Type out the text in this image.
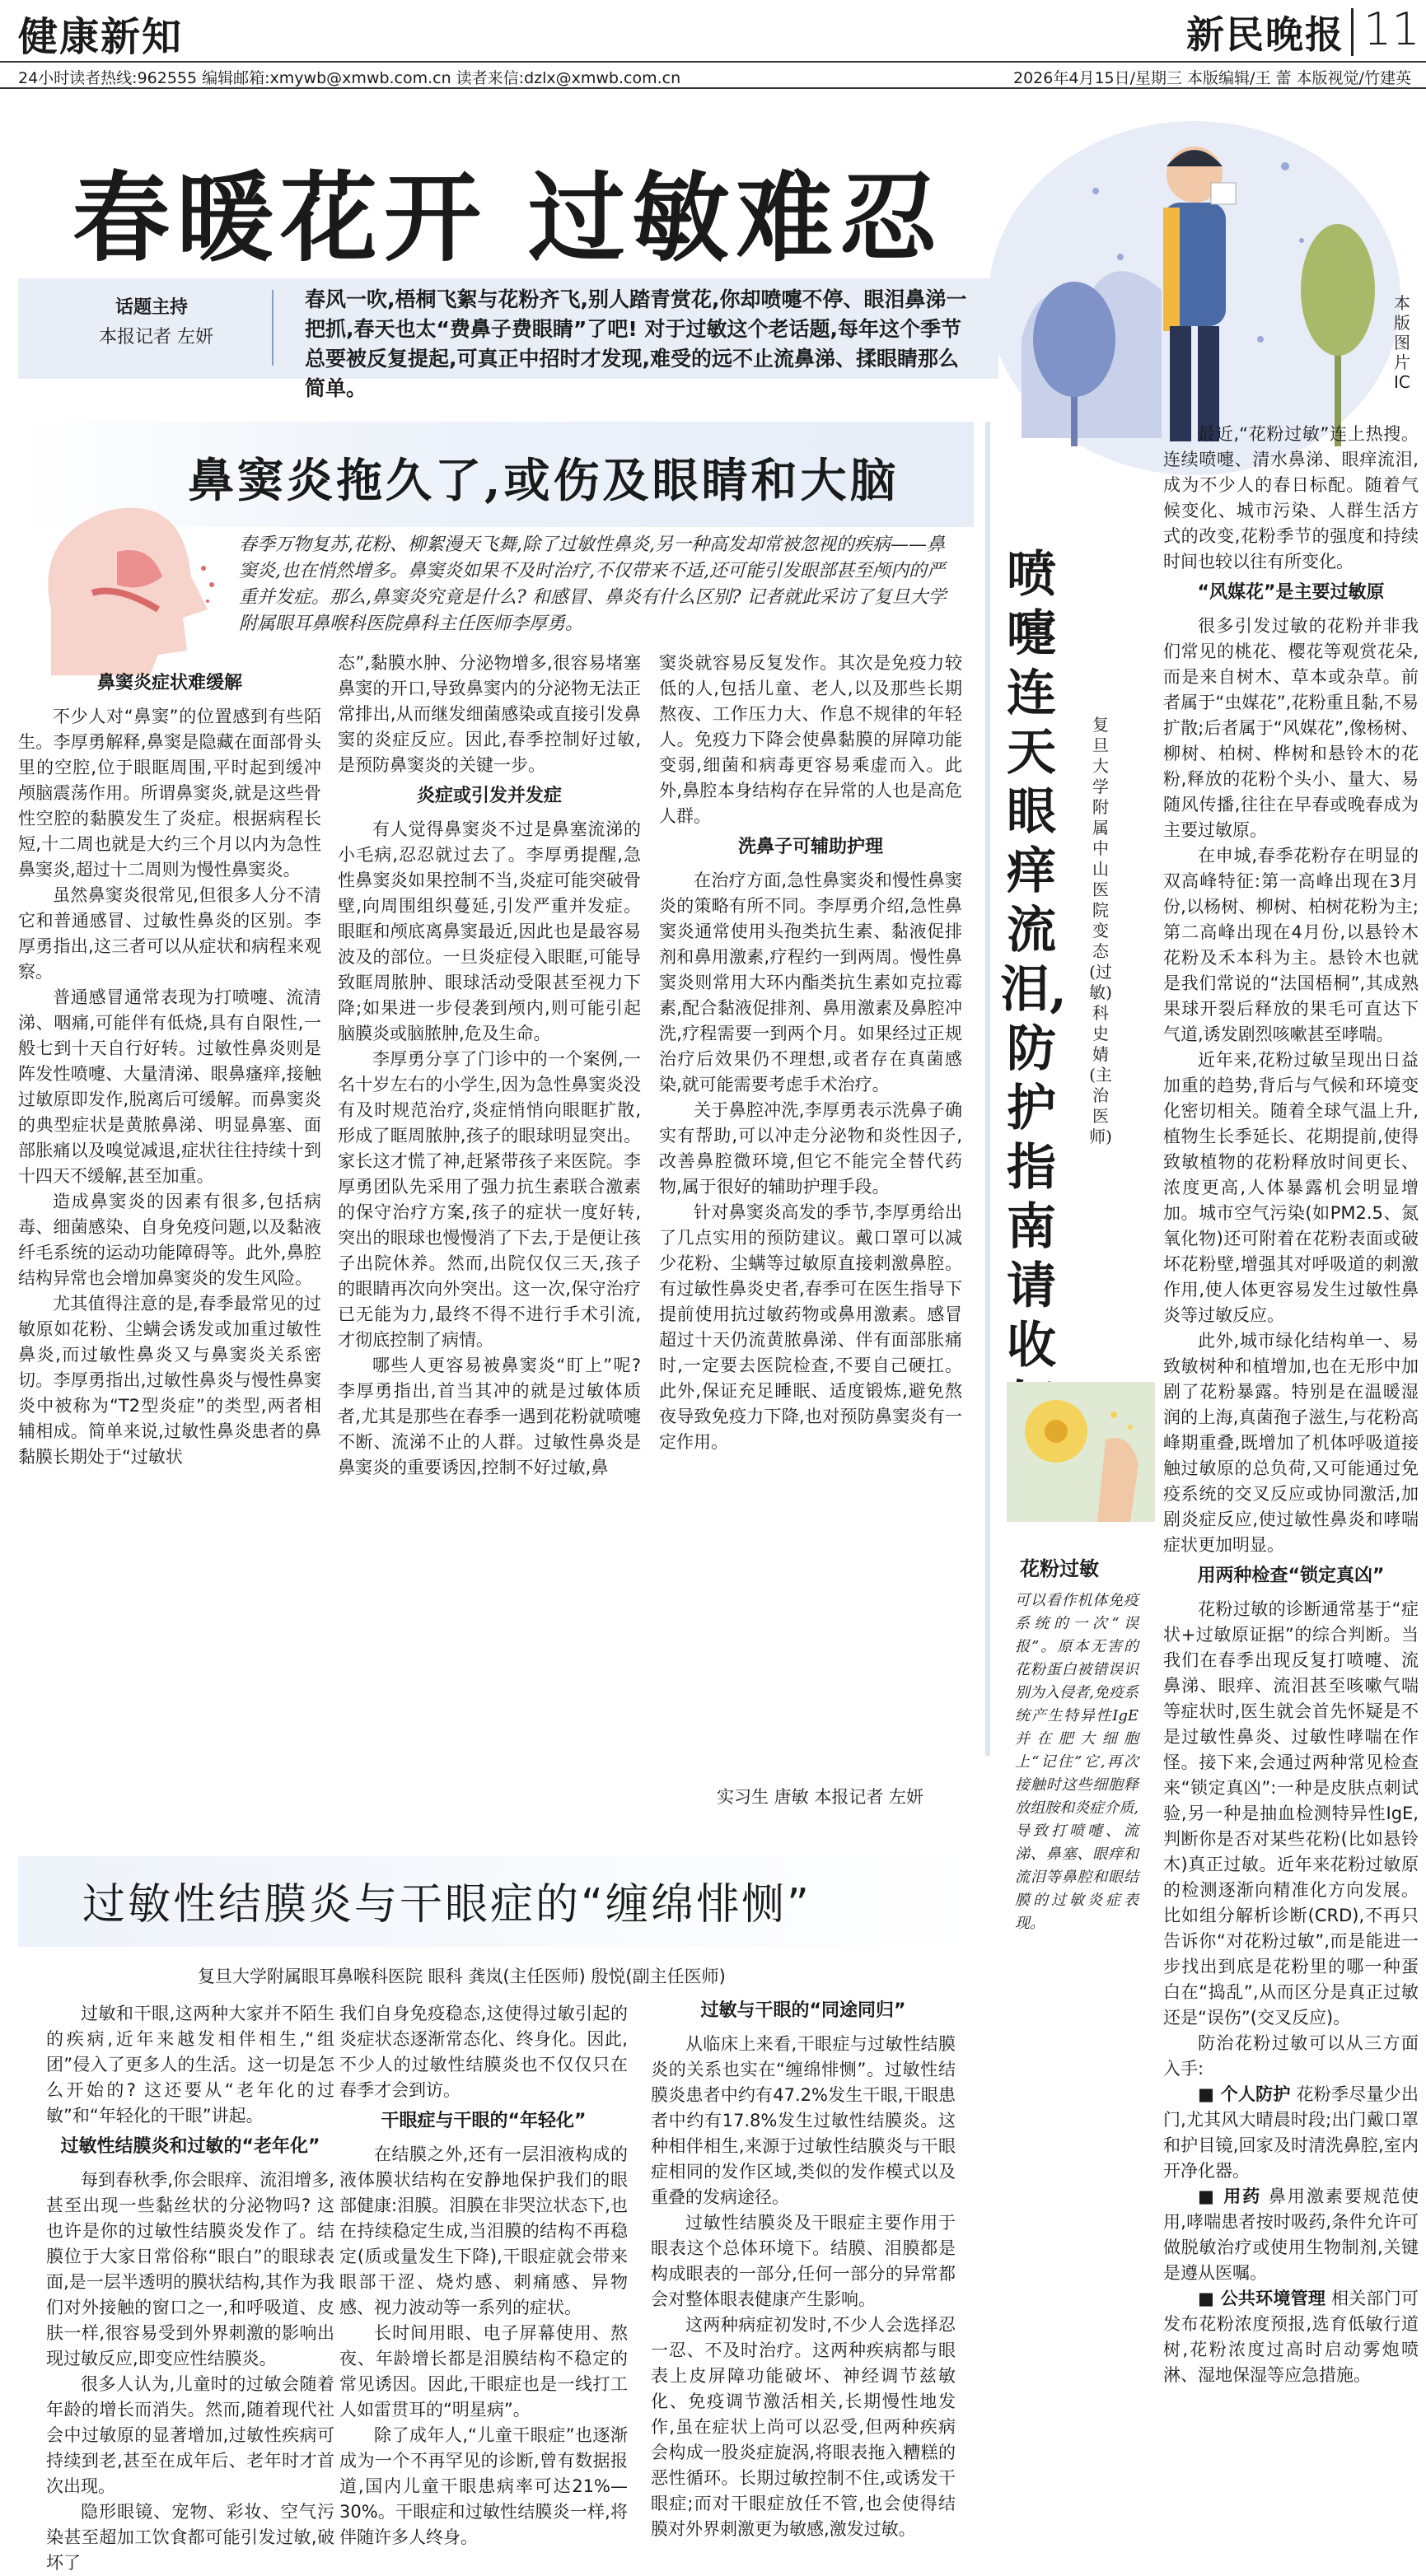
健康新知	新民晚报 11
24小时读者热线:962555 编辑邮箱:xmywb@xmwb.com.cn 读者来信:dzlx@xmwb.com.cn	2026年4月15日/星期三 本版编辑/王 蕾 本版视觉/竹建英
春暖花开 过敏难忍
话题主持
本报记者 左妍
春风一吹,梧桐飞絮与花粉齐飞,别人踏青赏花,你却喷嚏不停、眼泪鼻涕一把抓,春天也太“费鼻子费眼睛”了吧! 对于过敏这个老话题,每年这个季节总要被反复提起,可真正中招时才发现,难受的远不止流鼻涕、揉眼睛那么简单。
本版图片 IC
鼻窦炎拖久了,或伤及眼睛和大脑
春季万物复苏,花粉、柳絮漫天飞舞,除了过敏性鼻炎,另一种高发却常被忽视的疾病——鼻窦炎,也在悄然增多。鼻窦炎如果不及时治疗,不仅带来不适,还可能引发眼部甚至颅内的严重并发症。那么,鼻窦炎究竟是什么? 和感冒、鼻炎有什么区别? 记者就此采访了复旦大学附属眼耳鼻喉科医院鼻科主任医师李厚勇。
鼻窦炎症状难缓解

不少人对“鼻窦”的位置感到有些陌生。李厚勇解释,鼻窦是隐藏在面部骨头里的空腔,位于眼眶周围,平时起到缓冲颅脑震荡作用。所谓鼻窦炎,就是这些骨性空腔的黏膜发生了炎症。根据病程长短,十二周也就是大约三个月以内为急性鼻窦炎,超过十二周则为慢性鼻窦炎。

虽然鼻窦炎很常见,但很多人分不清它和普通感冒、过敏性鼻炎的区别。李厚勇指出,这三者可以从症状和病程来观察。

普通感冒通常表现为打喷嚏、流清涕、咽痛,可能伴有低烧,具有自限性,一般七到十天自行好转。过敏性鼻炎则是阵发性喷嚏、大量清涕、眼鼻瘙痒,接触过敏原即发作,脱离后可缓解。而鼻窦炎的典型症状是黄脓鼻涕、明显鼻塞、面部胀痛以及嗅觉减退,症状往往持续十到十四天不缓解,甚至加重。

造成鼻窦炎的因素有很多,包括病毒、细菌感染、自身免疫问题,以及黏液纤毛系统的运动功能障碍等。此外,鼻腔结构异常也会增加鼻窦炎的发生风险。

尤其值得注意的是,春季最常见的过敏原如花粉、尘螨会诱发或加重过敏性鼻炎,而过敏性鼻炎又与鼻窦炎关系密切。李厚勇指出,过敏性鼻炎与慢性鼻窦炎中被称为“T2型炎症”的类型,两者相辅相成。简单来说,过敏性鼻炎患者的鼻黏膜长期处于“过敏状

态”,黏膜水肿、分泌物增多,很容易堵塞鼻窦的开口,导致鼻窦内的分泌物无法正常排出,从而继发细菌感染或直接引发鼻窦的炎症反应。因此,春季控制好过敏,是预防鼻窦炎的关键一步。

炎症或引发并发症

有人觉得鼻窦炎不过是鼻塞流涕的小毛病,忍忍就过去了。李厚勇提醒,急性鼻窦炎如果控制不当,炎症可能突破骨壁,向周围组织蔓延,引发严重并发症。眼眶和颅底离鼻窦最近,因此也是最容易波及的部位。一旦炎症侵入眼眶,可能导致眶周脓肿、眼球活动受限甚至视力下降;如果进一步侵袭到颅内,则可能引起脑膜炎或脑脓肿,危及生命。

李厚勇分享了门诊中的一个案例,一名十岁左右的小学生,因为急性鼻窦炎没有及时规范治疗,炎症悄悄向眼眶扩散,形成了眶周脓肿,孩子的眼球明显突出。家长这才慌了神,赶紧带孩子来医院。李厚勇团队先采用了强力抗生素联合激素的保守治疗方案,孩子的症状一度好转,突出的眼球也慢慢消了下去,于是便让孩子出院休养。然而,出院仅仅三天,孩子的眼睛再次向外突出。这一次,保守治疗已无能为力,最终不得不进行手术引流,才彻底控制了病情。

哪些人更容易被鼻窦炎“盯上”呢? 李厚勇指出,首当其冲的就是过敏体质者,尤其是那些在春季一遇到花粉就喷嚏不断、流涕不止的人群。过敏性鼻炎是鼻窦炎的重要诱因,控制不好过敏,鼻

窦炎就容易反复发作。其次是免疫力较低的人,包括儿童、老人,以及那些长期熬夜、工作压力大、作息不规律的年轻人。免疫力下降会使鼻黏膜的屏障功能变弱,细菌和病毒更容易乘虚而入。此外,鼻腔本身结构存在异常的人也是高危人群。

洗鼻子可辅助护理

在治疗方面,急性鼻窦炎和慢性鼻窦炎的策略有所不同。李厚勇介绍,急性鼻窦炎通常使用头孢类抗生素、黏液促排剂和鼻用激素,疗程约一到两周。慢性鼻窦炎则常用大环内酯类抗生素如克拉霉素,配合黏液促排剂、鼻用激素及鼻腔冲洗,疗程需要一到两个月。如果经过正规治疗后效果仍不理想,或者存在真菌感染,就可能需要考虑手术治疗。

关于鼻腔冲洗,李厚勇表示洗鼻子确实有帮助,可以冲走分泌物和炎性因子,改善鼻腔微环境,但它不能完全替代药物,属于很好的辅助护理手段。

针对鼻窦炎高发的季节,李厚勇给出了几点实用的预防建议。戴口罩可以减少花粉、尘螨等过敏原直接刺激鼻腔。有过敏性鼻炎史者,春季可在医生指导下提前使用抗过敏药物或鼻用激素。感冒超过十天仍流黄脓鼻涕、伴有面部胀痛时,一定要去医院检查,不要自己硬扛。此外,保证充足睡眠、适度锻炼,避免熬夜导致免疫力下降,也对预防鼻窦炎有一定作用。

实习生 唐敏 本报记者 左妍
过敏性结膜炎与干眼症的“缠绵悱恻”
复旦大学附属眼耳鼻喉科医院 眼科 龚岚(主任医师) 殷悦(副主任医师)

过敏和干眼,这两种大家并不陌生的疾病,近年来越发相伴相生,“组团”侵入了更多人的生活。这一切是怎么开始的? 这还要从“老年化的过敏”和“年轻化的干眼”讲起。

过敏性结膜炎和过敏的“老年化”

每到春秋季,你会眼痒、流泪增多,甚至出现一些黏丝状的分泌物吗? 这也许是你的过敏性结膜炎发作了。结膜位于大家日常俗称“眼白”的眼球表面,是一层半透明的膜状结构,其作为我们对外接触的窗口之一,和呼吸道、皮肤一样,很容易受到外界刺激的影响出现过敏反应,即变应性结膜炎。

很多人认为,儿童时的过敏会随着年龄的增长而消失。然而,随着现代社会中过敏原的显著增加,过敏性疾病可持续到老,甚至在成年后、老年时才首次出现。

隐形眼镜、宠物、彩妆、空气污染甚至超加工饮食都可能引发过敏,破坏了

我们自身免疫稳态,这使得过敏引起的炎症状态逐渐常态化、终身化。因此,不少人的过敏性结膜炎也不仅仅只在春季才会到访。

干眼症与干眼的“年轻化”

在结膜之外,还有一层泪液构成的液体膜状结构在安静地保护我们的眼部健康:泪膜。泪膜在非哭泣状态下,也在持续稳定生成,当泪膜的结构不再稳定(质或量发生下降),干眼症就会带来眼部干涩、烧灼感、刺痛感、异物感、视力波动等一系列的症状。

长时间用眼、电子屏幕使用、熬夜、年龄增长都是泪膜结构不稳定的常见诱因。因此,干眼症也是一线打工人如雷贯耳的“明星病”。

除了成年人,“儿童干眼症”也逐渐成为一个不再罕见的诊断,曾有数据报道,国内儿童干眼患病率可达21%—30%。干眼症和过敏性结膜炎一样,将伴随许多人终身。

过敏与干眼的“同途同归”

从临床上来看,干眼症与过敏性结膜炎的关系也实在“缠绵悱恻”。过敏性结膜炎患者中约有47.2%发生干眼,干眼患者中约有17.8%发生过敏性结膜炎。这种相伴相生,来源于过敏性结膜炎与干眼症相同的发作区域,类似的发作模式以及重叠的发病途径。

过敏性结膜炎及干眼症主要作用于眼表这个总体环境下。结膜、泪膜都是构成眼表的一部分,任何一部分的异常都会对整体眼表健康产生影响。

这两种病症初发时,不少人会选择忍一忍、不及时治疗。这两种疾病都与眼表上皮屏障功能破坏、神经调节兹敏化、免疫调节激活相关,长期慢性地发作,虽在症状上尚可以忍受,但两种疾病会构成一股炎症旋涡,将眼表拖入糟糕的恶性循环。长期过敏控制不住,或诱发干眼症;而对干眼症放任不管,也会使得结膜对外界刺激更为敏感,激发过敏。

喷嚏连天眼痒流泪,防护指南请收
复旦大学附属中山医院 变态(过敏)科 史婧(主治医师)

最近,“花粉过敏”连上热搜。连续喷嚏、清水鼻涕、眼痒流泪,成为不少人的春日标配。随着气候变化、城市污染、人群生活方式的改变,花粉季节的强度和持续时间也较以往有所变化。

“风媒花”是主要过敏原

很多引发过敏的花粉并非我们常见的桃花、樱花等观赏花朵,而是来自树木、草本或杂草。前者属于“虫媒花”,花粉重且黏,不易扩散;后者属于“风媒花”,像杨树、柳树、柏树、桦树和悬铃木的花粉,释放的花粉个头小、量大、易随风传播,往往在早春或晚春成为主要过敏原。

在申城,春季花粉存在明显的双高峰特征:第一高峰出现在3月份,以杨树、柳树、柏树花粉为主;第二高峰出现在4月份,以悬铃木花粉及禾本科为主。悬铃木也就是我们常说的“法国梧桐”,其成熟果球开裂后释放的果毛可直达下气道,诱发剧烈咳嗽甚至哮喘。

近年来,花粉过敏呈现出日益加重的趋势,背后与气候和环境变化密切相关。随着全球气温上升,植物生长季延长、花期提前,使得致敏植物的花粉释放时间更长、浓度更高,人体暴露机会明显增加。城市空气污染(如PM2.5、氮氧化物)还可附着在花粉表面或破坏花粉壁,增强其对呼吸道的刺激作用,使人体更容易发生过敏性鼻炎等过敏反应。

此外,城市绿化结构单一、易致敏树种和植增加,也在无形中加剧了花粉暴露。特别是在温暖湿润的上海,真菌孢子滋生,与花粉高峰期重叠,既增加了机体呼吸道接触过敏原的总负荷,又可能通过免疫系统的交叉反应或协同激活,加剧炎症反应,使过敏性鼻炎和哮喘症状更加明显。

用两种检查“锁定真凶”

花粉过敏的诊断通常基于“症状+过敏原证据”的综合判断。当我们在春季出现反复打喷嚏、流鼻涕、眼痒、流泪甚至咳嗽气喘等症状时,医生就会首先怀疑是不是过敏性鼻炎、过敏性哮喘在作怪。接下来,会通过两种常见检查来“锁定真凶”:一种是皮肤点刺试验,另一种是抽血检测特异性IgE,判断你是否对某些花粉(比如悬铃木)真正过敏。近年来花粉过敏原的检测逐渐向精准化方向发展。比如组分解析诊断(CRD),不再只告诉你“对花粉过敏”,而是能进一步找出到底是花粉里的哪一种蛋白在“捣乱”,从而区分是真正过敏还是“误伤”(交叉反应)。

防治花粉过敏可以从三方面入手:

■ 个人防护 花粉季尽量少出门,尤其风大晴晨时段;出门戴口罩和护目镜,回家及时清洗鼻腔,室内开净化器。

■ 用药 鼻用激素要规范使用,哮喘患者按时吸药,条件允许可做脱敏治疗或使用生物制剂,关键是遵从医嘱。

■ 公共环境管理 相关部门可发布花粉浓度预报,选育低敏行道树,花粉浓度过高时启动雾炮喷淋、湿地保湿等应急措施。

花粉过敏
可以看作机体免疫系统的一次“误报”。原本无害的花粉蛋白被错误识别为入侵者,免疫系统产生特异性IgE并在肥大细胞上“记住”它,再次接触时这些细胞释放组胺和炎症介质,导致打喷嚏、流涕、鼻塞、眼痒和流泪等鼻腔和眼结膜的过敏炎症表现。
